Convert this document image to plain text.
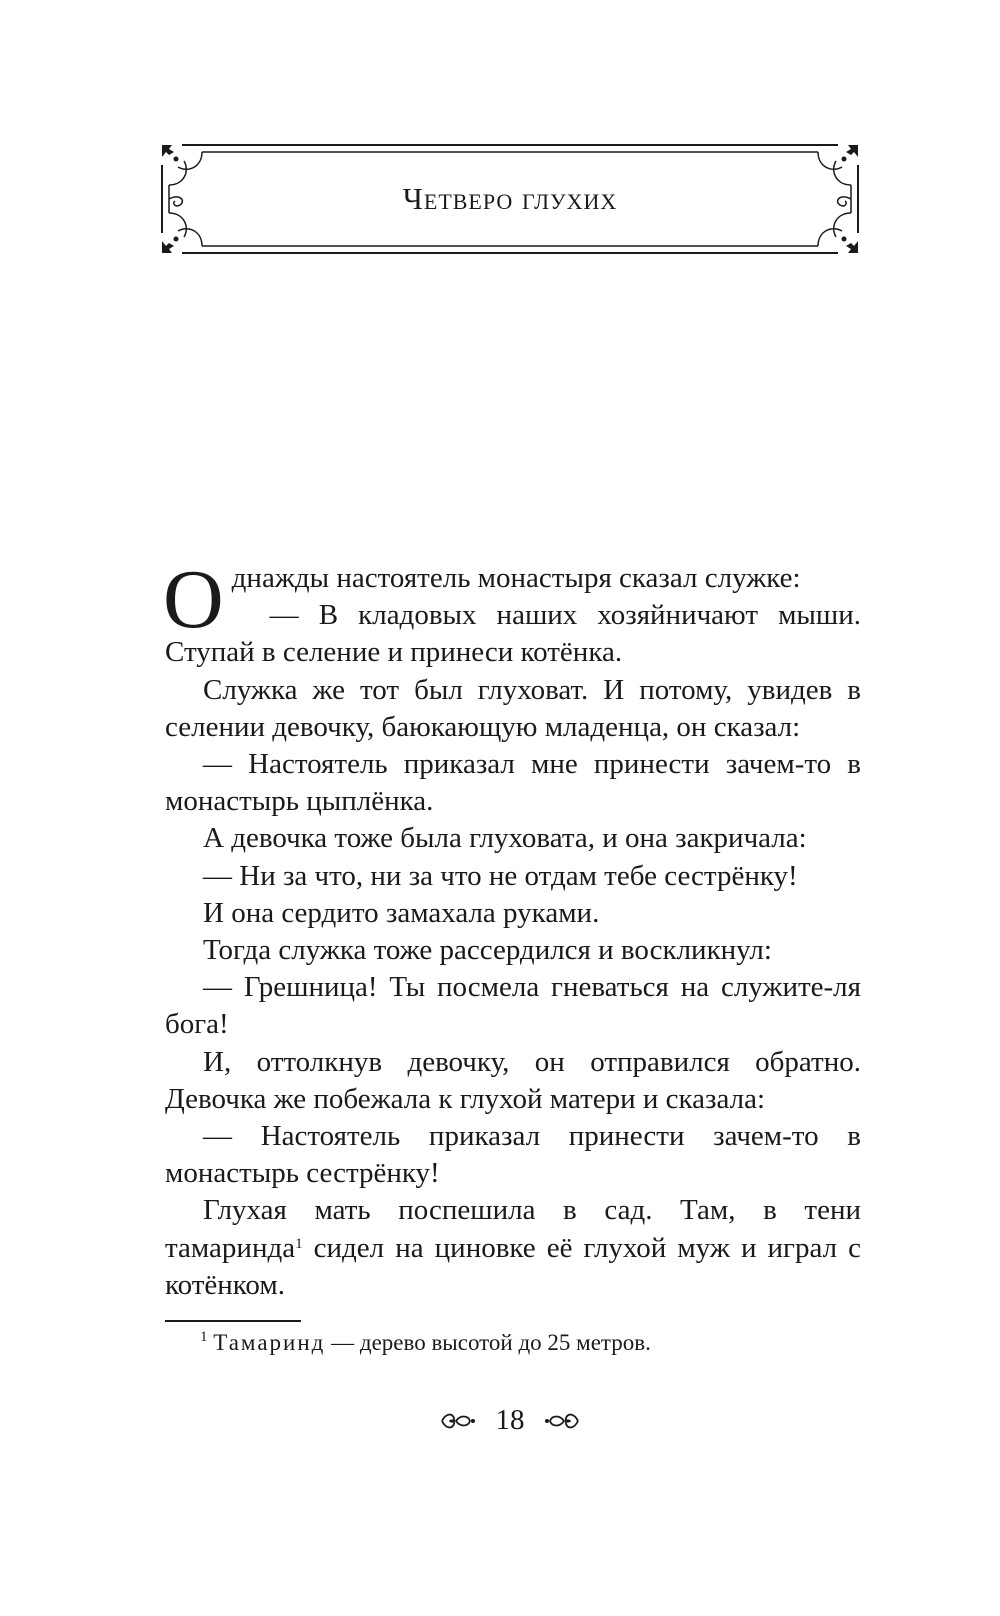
Четверо глухих

Однажды настоятель монастыря сказал служке:

— В кладовых наших хозяйничают мыши. Ступай в селение и принеси котёнка.

Служка же тот был глуховат. И потому, увидев в селении девочку, баюкающую младенца, он сказал:

— Настоятель приказал мне принести зачем-то в монастырь цыплёнка.

А девочка тоже была глуховата, и она закричала:

— Ни за что, ни за что не отдам тебе сестрёнку!

И она сердито замахала руками.

Тогда служка тоже рассердился и воскликнул:

— Грешница! Ты посмела гневаться на служите-ля бога!

И, оттолкнув девочку, он отправился обратно. Девочка же побежала к глухой матери и сказала:

— Настоятель приказал принести зачем-то в монастырь сестрёнку!

Глухая мать поспешила в сад. Там, в тени тамаринда$^1$ сидел на циновке её глухой муж и играл с котёнком.

$^1$ Тамаринд — дерево высотой до 25 метров.
18
